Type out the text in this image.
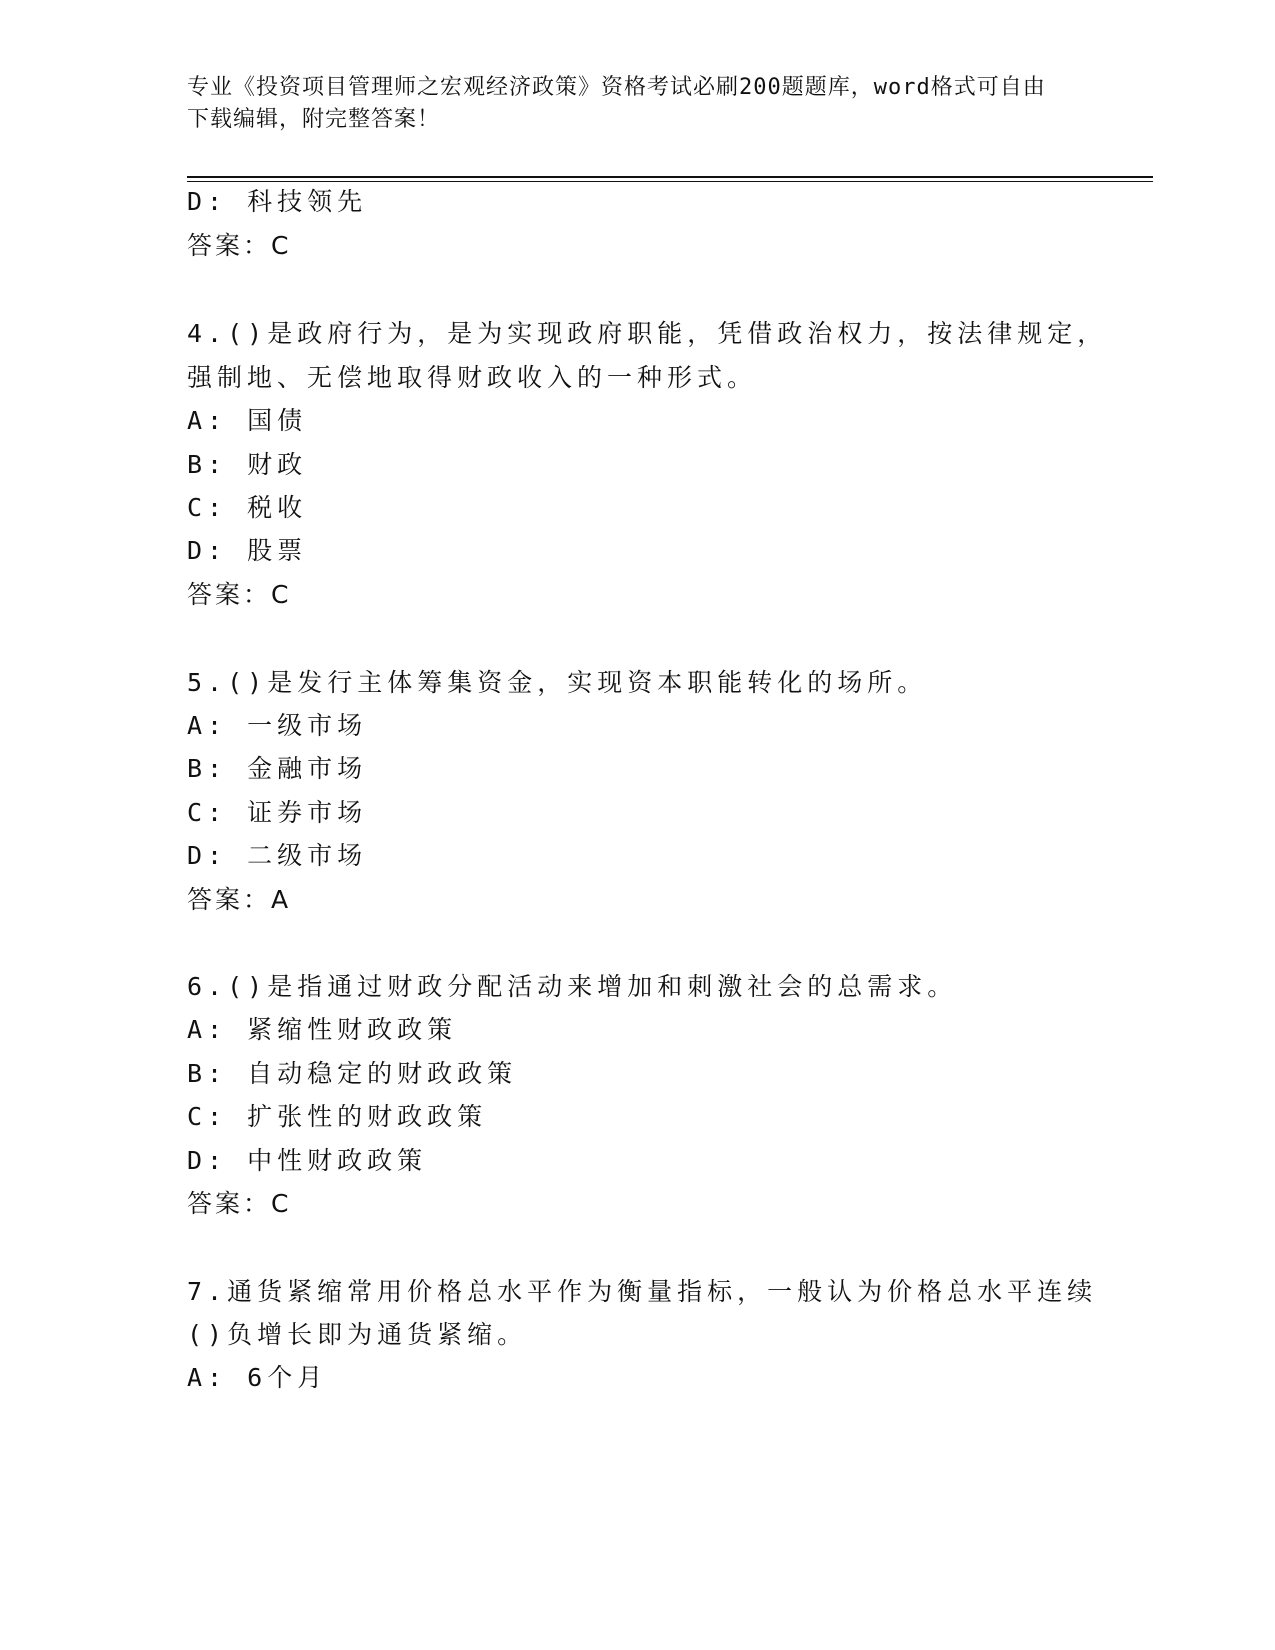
专业《投资项目管理师之宏观经济政策》资格考试必刷200题题库，word格式可自由下载编辑，附完整答案！
D: 科技领先
答案：C
4.()是政府行为，是为实现政府职能，凭借政治权力，按法律规定，
强制地、无偿地取得财政收入的一种形式。
A: 国债
B: 财政
C: 税收
D: 股票
答案：C
5.()是发行主体筹集资金，实现资本职能转化的场所。
A: 一级市场
B: 金融市场
C: 证券市场
D: 二级市场
答案：A
6.()是指通过财政分配活动来增加和刺激社会的总需求。
A: 紧缩性财政政策
B: 自动稳定的财政政策
C: 扩张性的财政政策
D: 中性财政政策
答案：C
7.通货紧缩常用价格总水平作为衡量指标，一般认为价格总水平连续
()负增长即为通货紧缩。
A: 6个月
